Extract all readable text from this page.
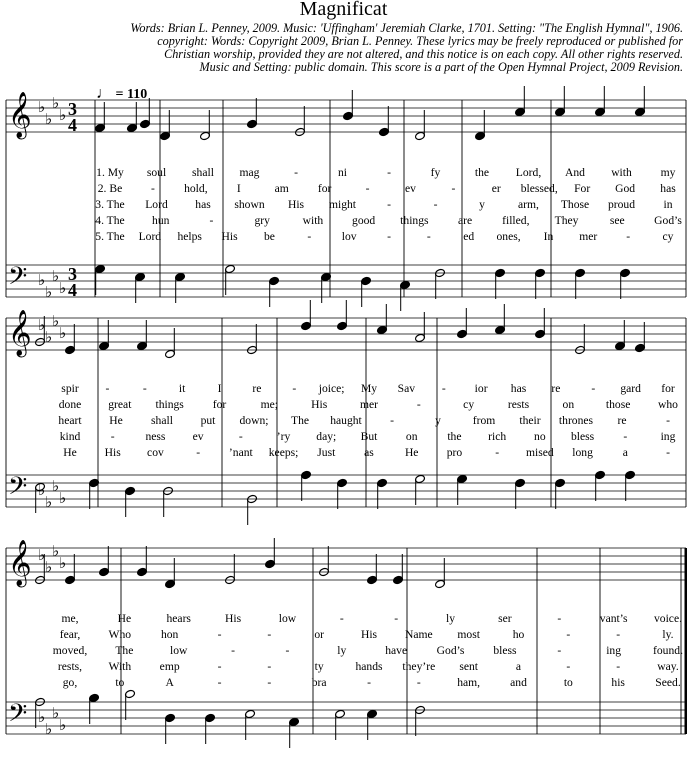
Magnificat
Words: Brian L. Penney, 2009. Music: 'Uffingham' Jeremiah Clarke, 1701. Setting: "The English Hymnal", 1906.
copyright: Words: Copyright 2009, Brian L. Penney. These lyrics may be freely reproduced or published for
Christian worship, provided they are not altered, and this notice is on each copy. All other rights reserved.
Music and Setting: public domain. This score is a part of the Open Hymnal Project, 2009 Revision.
♩ = 110
𝄞
𝄢
♭
♭
♭
♭
♭
♭
♭
♭
3
3
4
4
𝄞
𝄢
♭
♭
♭
♭
♭
♭
♭
♭
𝄞
𝄢
♭
♭
♭
♭
♭
♭
♭
♭
1. My soul shall mag	-	ni	-	fy	the Lord, And with my
2. Be -	hold,	I	am	for	-	ev	-	er blessed, For God has
3. The Lord has shown His might	-	-	y	arm, Those proud in
4. The hun	-	gry	with good things	are	filled, They	see	God’s
5. The Lord helps His be	-	lov	-	-	ed ones, In mer -	cy
spir -	-	it	I	re	- joice; My Sav - ior has re	- gard for
done great things for	me;	His	mer	-	cy	rests	on	those who
heart He shall put down; The haught -	y	from their thrones re	-
kind	-	ness ev	-	’ry day; But on	the rich no bless	-	ing
He His cov	- ’nant keeps; Just as	He pro	- mised long	a	-
me,	He	hears	His	low	-	-	ly	ser	-	vant’s voice.
fear, Who	hon	-	-	or	His Name most	ho	-	-	ly.
moved, The	low	-	-	ly	have	God’s bless	-	ing	found.
rests, With emp	-	-	ty	hands they’re sent	a	-	-	way.
go,	to	A	-	-	bra	-	-	ham,	and	to	his	Seed.
